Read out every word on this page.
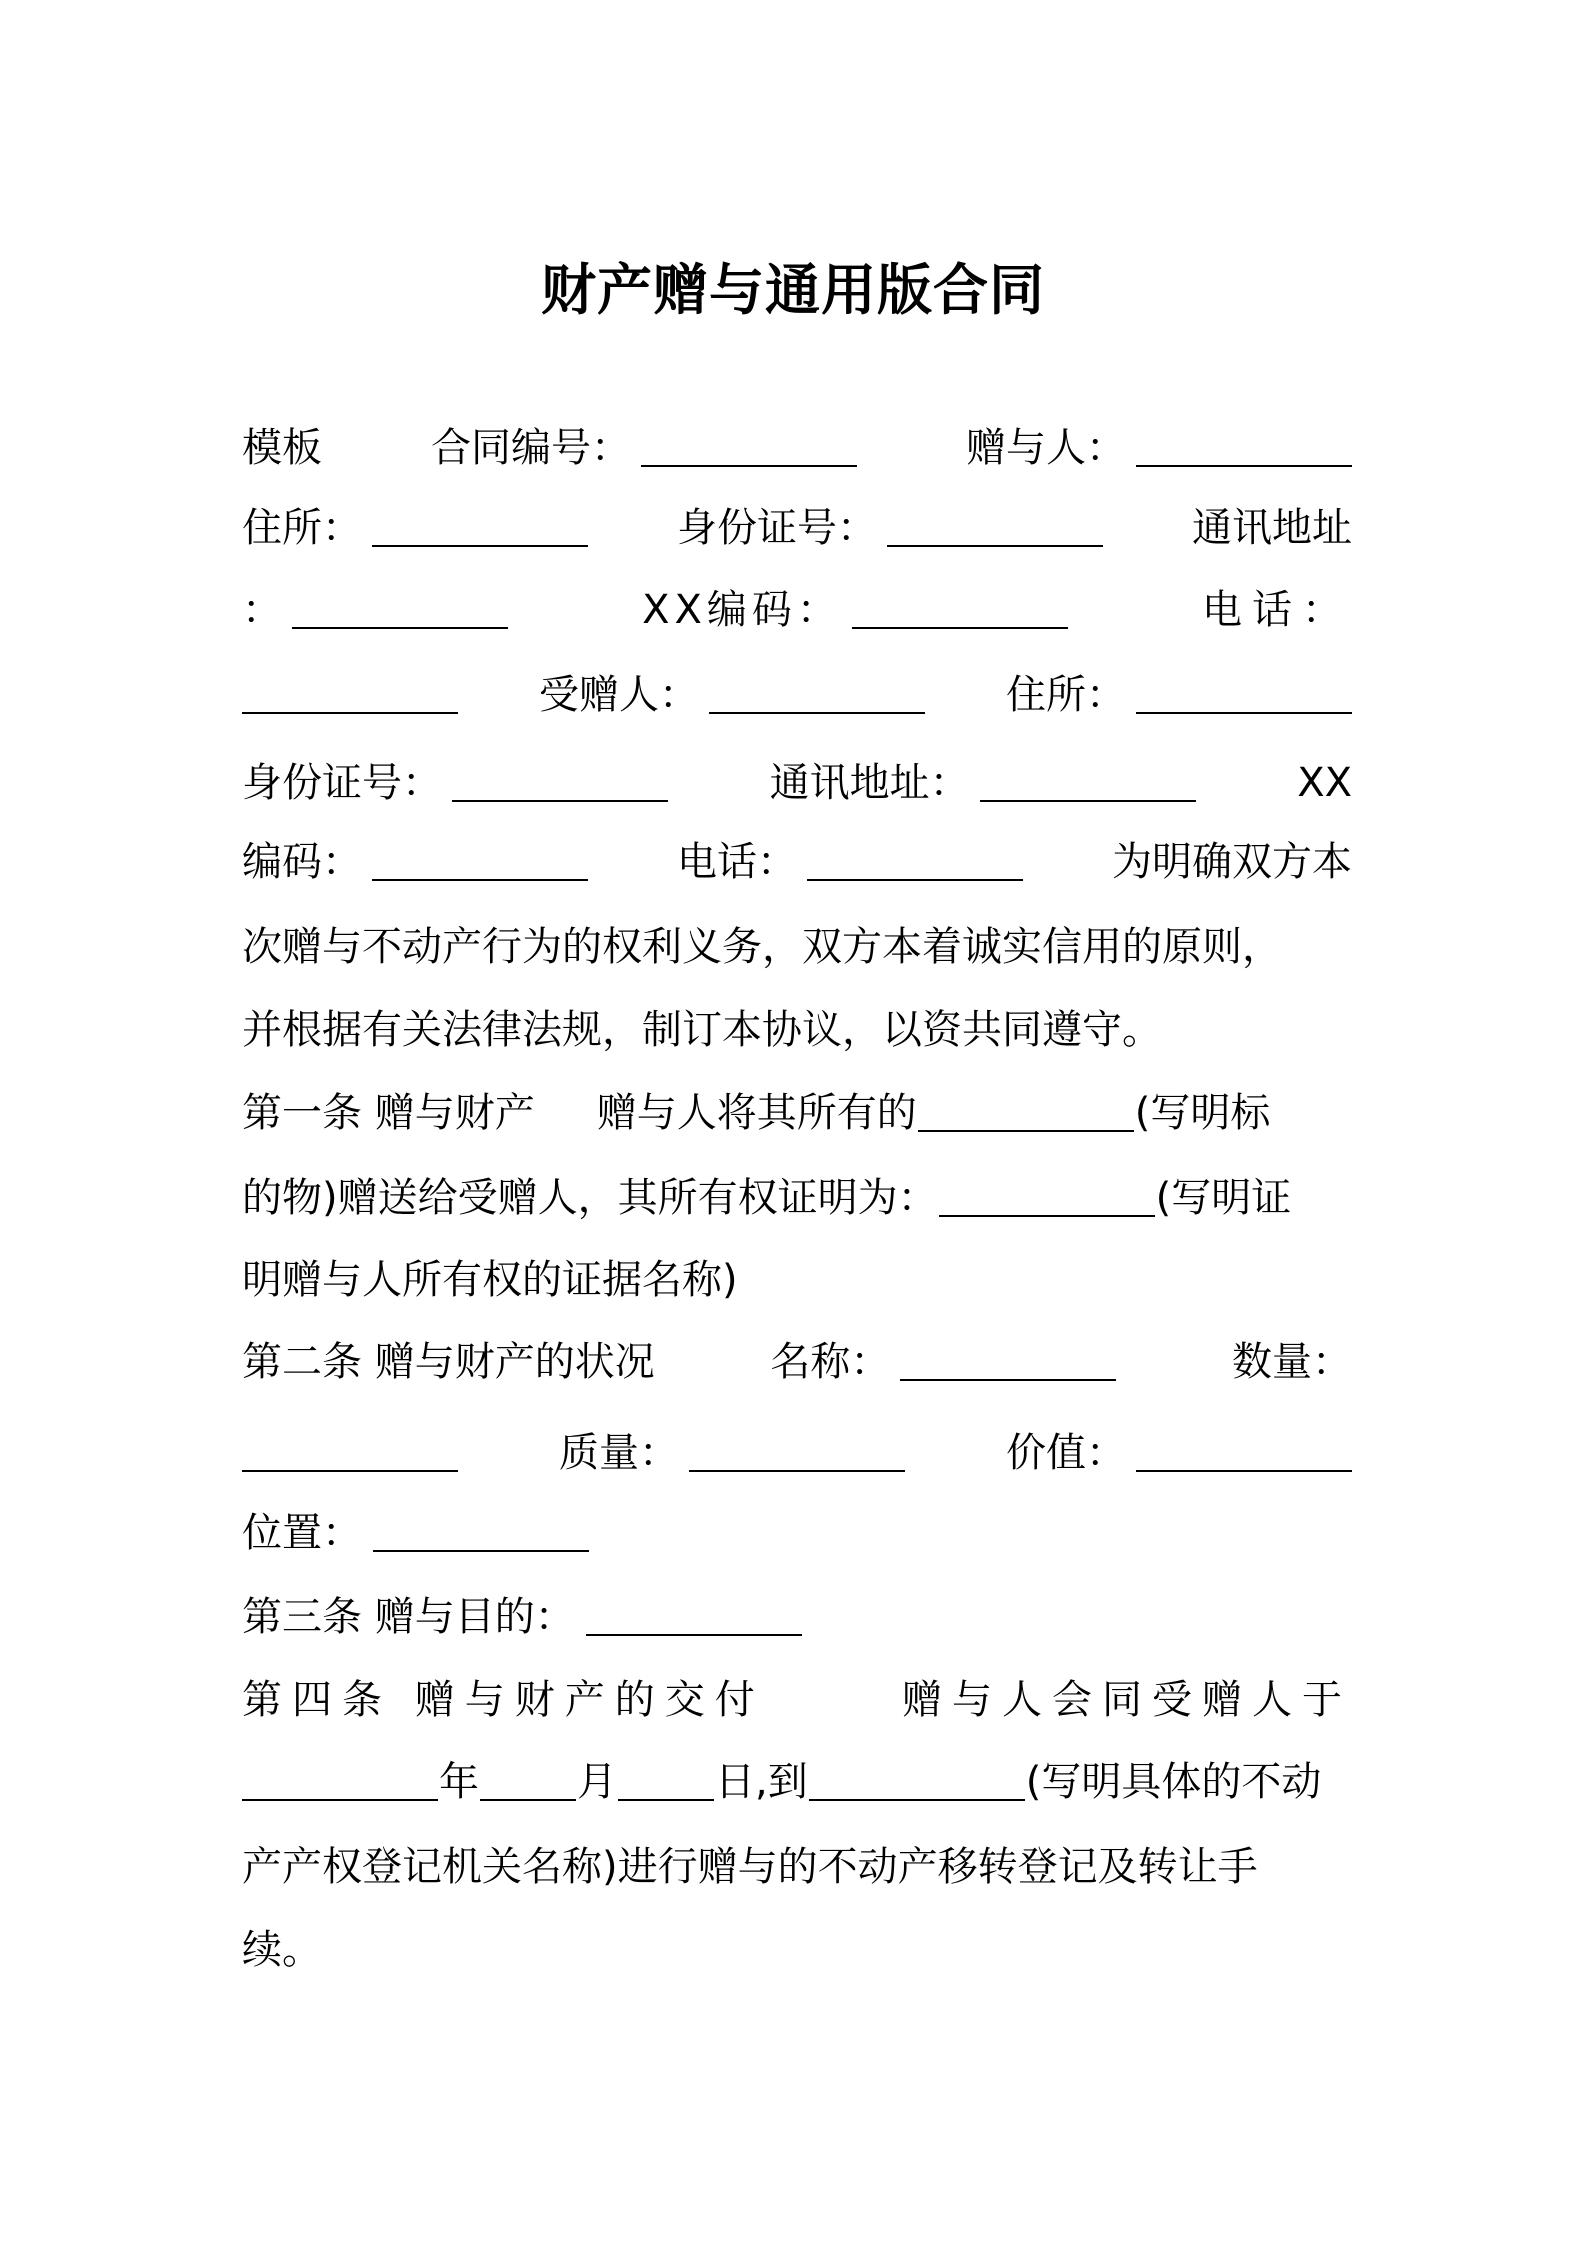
财产赠与通用版合同
模板	合同编号：	赠与人：
住所：	身份证号：	通讯地址
：	XX编码：	电话：
受赠人：	住所：
身份证号：	通讯地址：	XX
编码：	电话：	为明确双方本
次赠与不动产行为的权利义务，双方本着诚实信用的原则，
并根据有关法律法规，制订本协议，以资共同遵守。
第一条 赠与财产 赠与人将其所有的	(写明标
的物)赠送给受赠人，其所有权证明为：	(写明证
明赠与人所有权的证据名称)
第二条 赠与财产的状况	名称：	数量：
质量：	价值：
位置：
第三条 赠与目的：
第四条 赠与财产的交付	赠与人会同受赠人于
年 月 日,到	(写明具体的不动
产产权登记机关名称)进行赠与的不动产移转登记及转让手
续。
